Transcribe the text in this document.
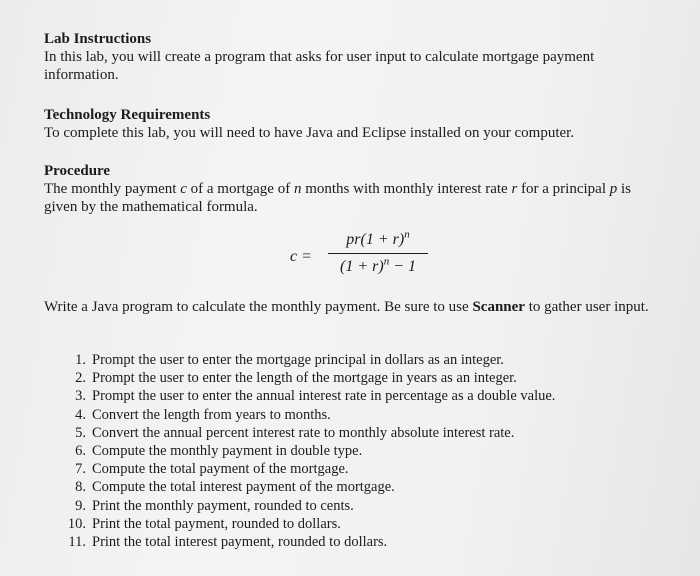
Lab Instructions

In this lab, you will create a program that asks for user input to calculate mortgage payment information.

Technology Requirements

To complete this lab, you will need to have Java and Eclipse installed on your computer.

Procedure

The monthly payment c of a mortgage of n months with monthly interest rate r for a principal p is given by the mathematical formula.

c =
$pr(1 + r)^n$
$(1 + r)^n - 1$

Write a Java program to calculate the monthly payment. Be sure to use Scanner to gather user input.

1. Prompt the user to enter the mortgage principal in dollars as an integer.
2. Prompt the user to enter the length of the mortgage in years as an integer.
3. Prompt the user to enter the annual interest rate in percentage as a double value.
4. Convert the length from years to months.
5. Convert the annual percent interest rate to monthly absolute interest rate.
6. Compute the monthly payment in double type.
7. Compute the total payment of the mortgage.
8. Compute the total interest payment of the mortgage.
9. Print the monthly payment, rounded to cents.
10. Print the total payment, rounded to dollars.
11. Print the total interest payment, rounded to dollars.
